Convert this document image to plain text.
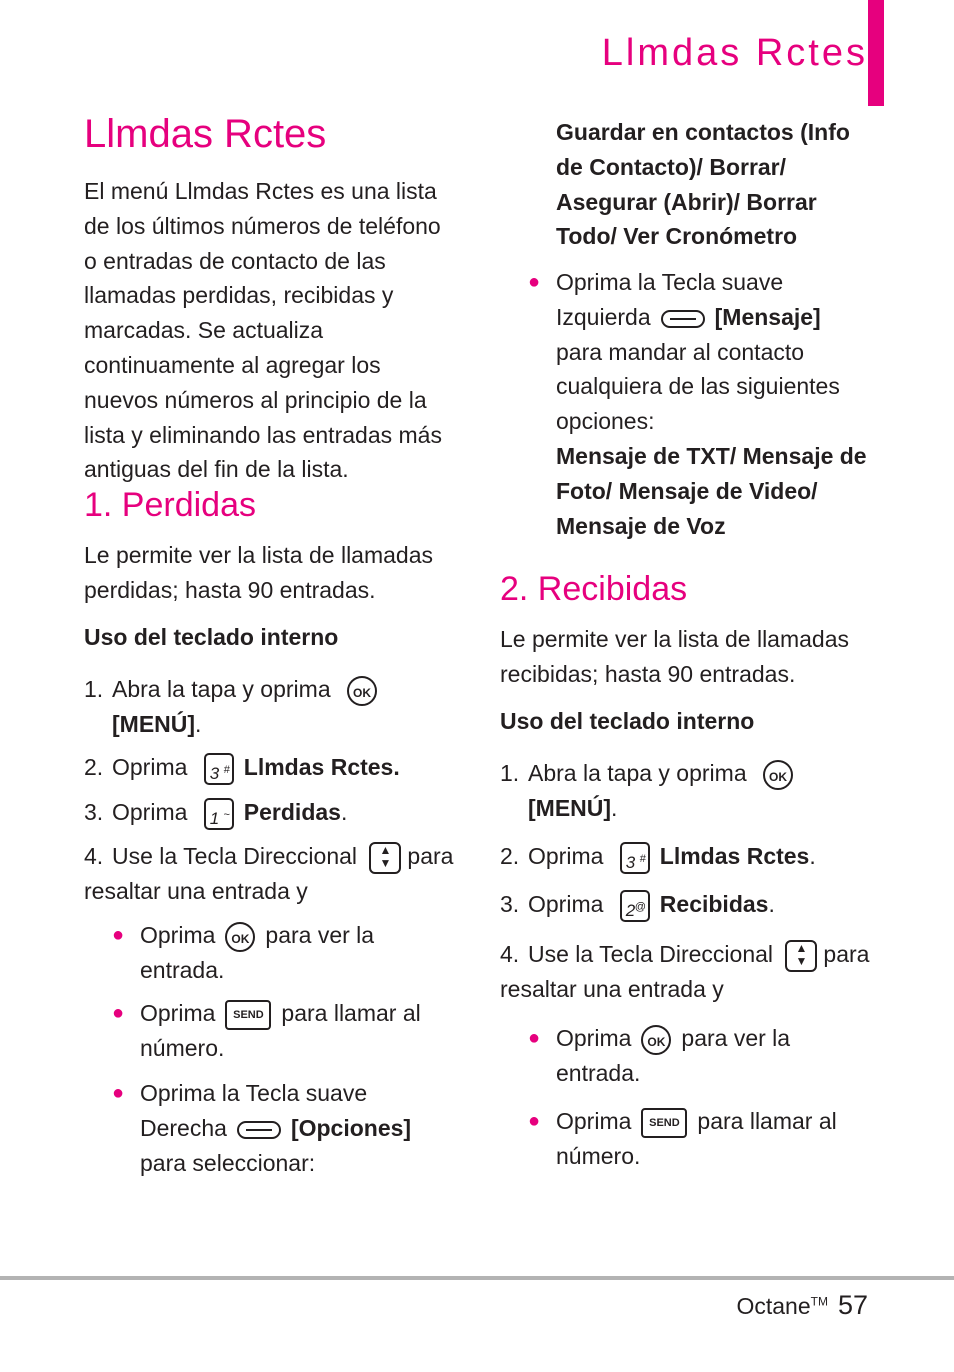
Llmdas Rctes
Llmdas Rctes

El menú Llmdas Rctes es una lista de los últimos números de teléfono o entradas de contacto de las llamadas perdidas, recibidas y marcadas. Se actualiza continuamente al agregar los nuevos números al principio de la lista y eliminando las entradas más antiguas del fin de la lista.

1. Perdidas

Le permite ver la lista de llamadas perdidas; hasta 90 entradas.

Uso del teclado interno

1. Abra la tapa y oprima OK
[MENÚ].
2. Oprima 3 # Llmdas Rctes.
3. Oprima 1 ~ Perdidas.
4. Use la Tecla Direccional ▲
▼ para resaltar una entrada y
● Oprima OK para ver la entrada.
● Oprima SEND para llamar al número.
● Oprima la Tecla suave Derecha	[Opciones] para seleccionar:

Guardar en contactos (Info de Contacto)/ Borrar/ Asegurar (Abrir)/ Borrar Todo/ Ver Cronómetro

● Oprima la Tecla suave Izquierda	[Mensaje] para mandar al contacto cualquiera de las siguientes opciones:
Mensaje de TXT/ Mensaje de Foto/ Mensaje de Video/ Mensaje de Voz
2. Recibidas

Le permite ver la lista de llamadas recibidas; hasta 90 entradas.

Uso del teclado interno

1. Abra la tapa y oprima OK
[MENÚ].
2. Oprima 3 # Llmdas Rctes.
3. Oprima 2 @ Recibidas.
4. Use la Tecla Direccional ▲
▼ para resaltar una entrada y
● Oprima OK para ver la entrada.
● Oprima SEND para llamar al número.
Octane™ 57
